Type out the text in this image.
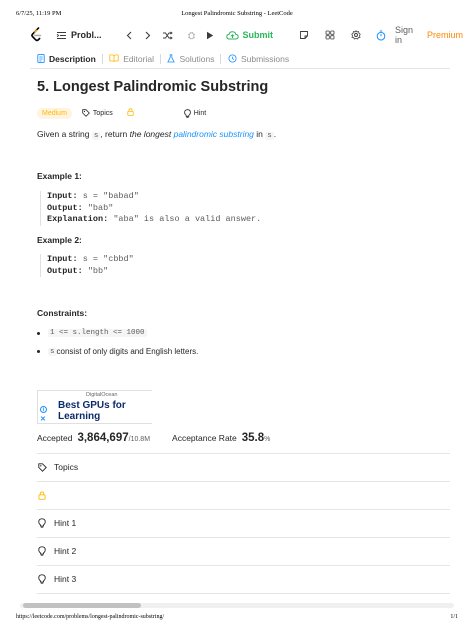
6/7/25, 11:19 PM	Longest Palindromic Substring - LeetCode
Probl...	Submit	Sign in	Premium
Description	Editorial	Solutions	Submissions
5. Longest Palindromic Substring
Medium	Topics	Hint
Given a string s , return the longest palindromic substring in s .
Example 1:
Input: s = "babad"
Output: "bab"
Explanation: "aba" is also a valid answer.
Example 2:
Input: s = "cbbd"
Output: "bb"
Constraints:
1 <= s.length <= 1000
s consist of only digits and English letters.
DigitalOcean
Best GPUs for
Learning
i
✕
Accepted 3,864,697 /10.8M	Acceptance Rate 35.8 %
Topics
Hint 1
Hint 2
Hint 3
https://leetcode.com/problems/longest-palindromic-substring/	1/1
